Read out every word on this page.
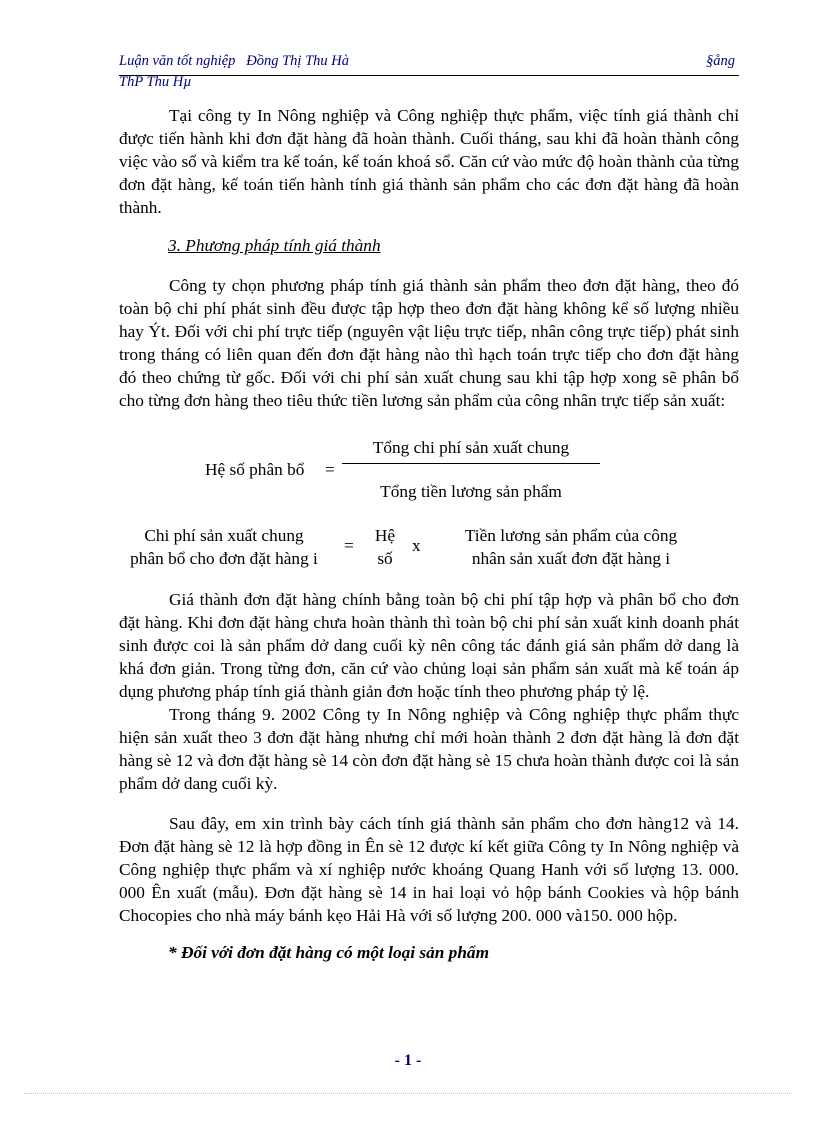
Luận văn tốt nghiệp   Đồng Thị Thu Hà	§ång
ThP Thu Hµ
Tại công ty In Nông nghiệp và Công nghiệp thực phẩm, việc tính giá thành chỉ được tiến hành khi đơn đặt hàng đã hoàn thành. Cuối tháng, sau khi đã hoàn thành công việc vào sổ và kiểm tra kế toán, kế toán khoá sổ. Căn cứ vào mức độ hoàn thành của từng đơn đặt hàng, kế toán tiến hành tính giá thành sản phẩm cho các đơn đặt hàng đã hoàn thành.
3. Phương pháp tính giá thành
Công ty chọn phương pháp tính giá thành sản phẩm theo đơn đặt hàng, theo đó toàn bộ chi phí phát sinh đều được tập hợp theo đơn đặt hàng không kể số lượng nhiều hay Ýt. Đối với chi phí trực tiếp (nguyên vật liệu trực tiếp, nhân công trực tiếp) phát sinh trong tháng có liên quan đến đơn đặt hàng nào thì hạch toán trực tiếp cho đơn đặt hàng đó theo chứng từ gốc. Đối với chi phí sản xuất chung sau khi tập hợp xong sẽ phân bổ cho từng đơn hàng theo tiêu thức tiền lương sản phẩm của công nhân trực tiếp sản xuất:
Hệ số phân bổ =
Tổng chi phí sản xuất chung
Tổng tiền lương sản phẩm
Chi phí sản xuất chung
phân bổ cho đơn đặt hàng i
=
Hệ
số
x
Tiền lương sản phẩm của công
nhân sản xuất đơn đặt hàng i
Giá thành đơn đặt hàng chính bằng toàn bộ chi phí tập hợp và phân bổ cho đơn đặt hàng. Khi đơn đặt hàng chưa hoàn thành thì toàn bộ chi phí sản xuất kinh doanh phát sinh được coi là sản phẩm dở dang cuối kỳ nên công tác đánh giá sản phẩm dở dang là khá đơn giản. Trong từng đơn, căn cứ vào chủng loại sản phẩm sản xuất mà kế toán áp dụng phương pháp tính giá thành giản đơn hoặc tính theo phương pháp tỷ lệ.
Trong tháng 9. 2002 Công ty In Nông nghiệp và Công nghiệp thực phẩm thực hiện sản xuất theo 3 đơn đặt hàng nhưng chỉ mới hoàn thành 2 đơn đặt hàng là đơn đặt hàng sè 12 và đơn đặt hàng sè 14 còn đơn đặt hàng sè 15 chưa hoàn thành được coi là sản phẩm dở dang cuối kỳ.
Sau đây, em xin trình bày cách tính giá thành sản phẩm cho đơn hàng12 và 14. Đơn đặt hàng sè 12 là hợp đồng in Ên sè 12 được kí kết giữa Công ty In Nông nghiệp và Công nghiệp thực phẩm và xí nghiệp nước khoáng Quang Hanh với số lượng 13. 000. 000 Ên xuất (mẫu). Đơn đặt hàng sè 14 in hai loại vỏ hộp bánh Cookies và hộp bánh Chocopies cho nhà máy bánh kẹo Hải Hà với số lượng 200. 000 và150. 000 hộp.
* Đối với đơn đặt hàng có một loại sản phẩm
- 1 -
